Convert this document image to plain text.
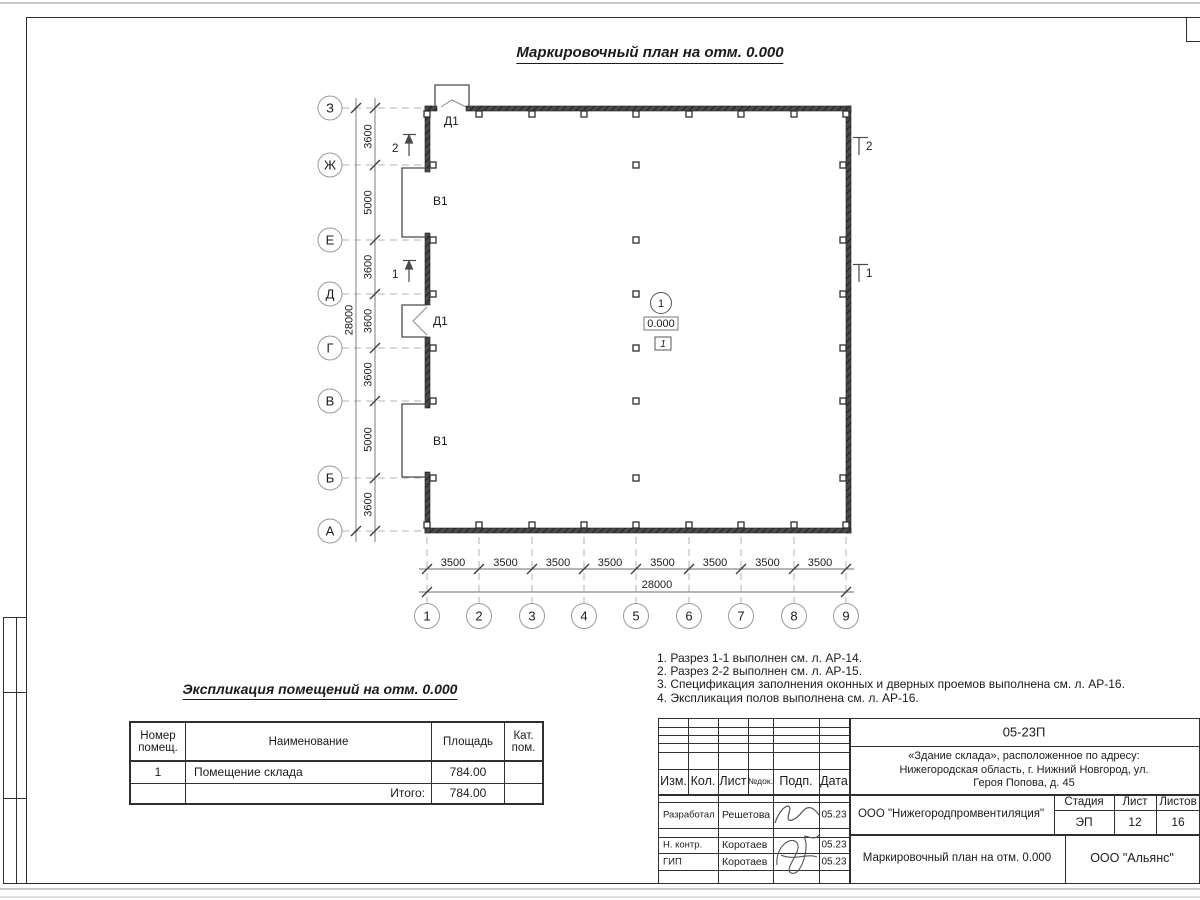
Маркировочный план на отм. 0.000
3600
5000
3600
3600
3600
5000
3600
28000
3500	3500	3500	3500	3500	3500	3500	3500
28000
З
Ж
Е
Д
Г
В
Б
А
1	2	3	4	5	6	7	8	9
Д1
В1
Д1
В1
2
1
2
1
1
0.000
1
Экспликация помещений на отм. 0.000
Номер помещ.	Наименование	Площадь	Кат. пом.
1	Помещение склада	784.00	
	Итого:	784.00	
1. Разрез 1-1 выполнен см. л. АР-14.
2. Разрез 2-2 выполнен см. л. АР-15.
3. Спецификация заполнения оконных и дверных проемов выполнена см. л. АР-16.
4. Экспликация полов выполнена см. л. АР-16.
Изм. Кол. Лист №док. Подп. Дата
Разработал Решетова	05.23
Н. контр. Коротаев	05.23
ГИП	Коротаев	05.23
05-23П
«Здание склада», расположенное по адресу: Нижегородская область, г. Нижний Новгород, ул. Героя Попова, д. 45
ООО "Нижегородпромвентиляция"
Стадия Лист Листов
ЭП	12 16
Маркировочный план на отм. 0.000	ООО "Альянс"
